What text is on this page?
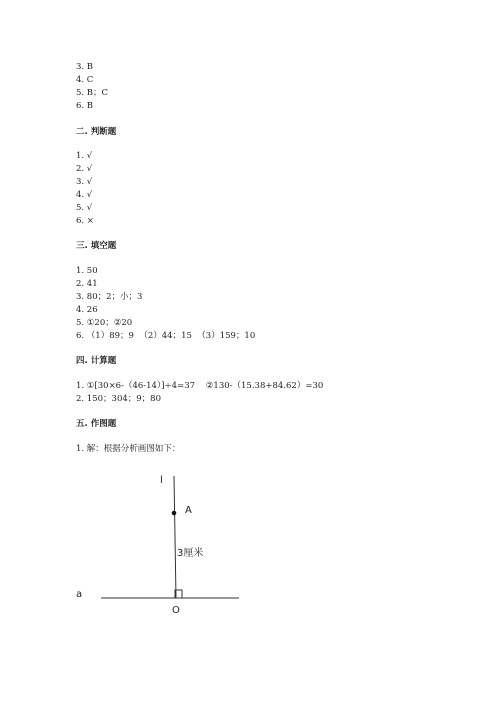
3. B

4. C

5. B；C

6. B

二. 判断题

1. √

2. √

3. √

4. √

5. √

6. ×

三. 填空题

1. 50

2. 41

3. 80；2；小；3

4. 26

5. ①20；②20

6. （1）89；9  （2）44；15  （3）159；10

四. 计算题

1. ①[30×6-（46-14）]÷4=37    ②130-（15.38+84.62）=30

2. 150；304；9；80

五. 作图题

1. 解：根据分析画图如下：

l
A
3厘米
a
O
